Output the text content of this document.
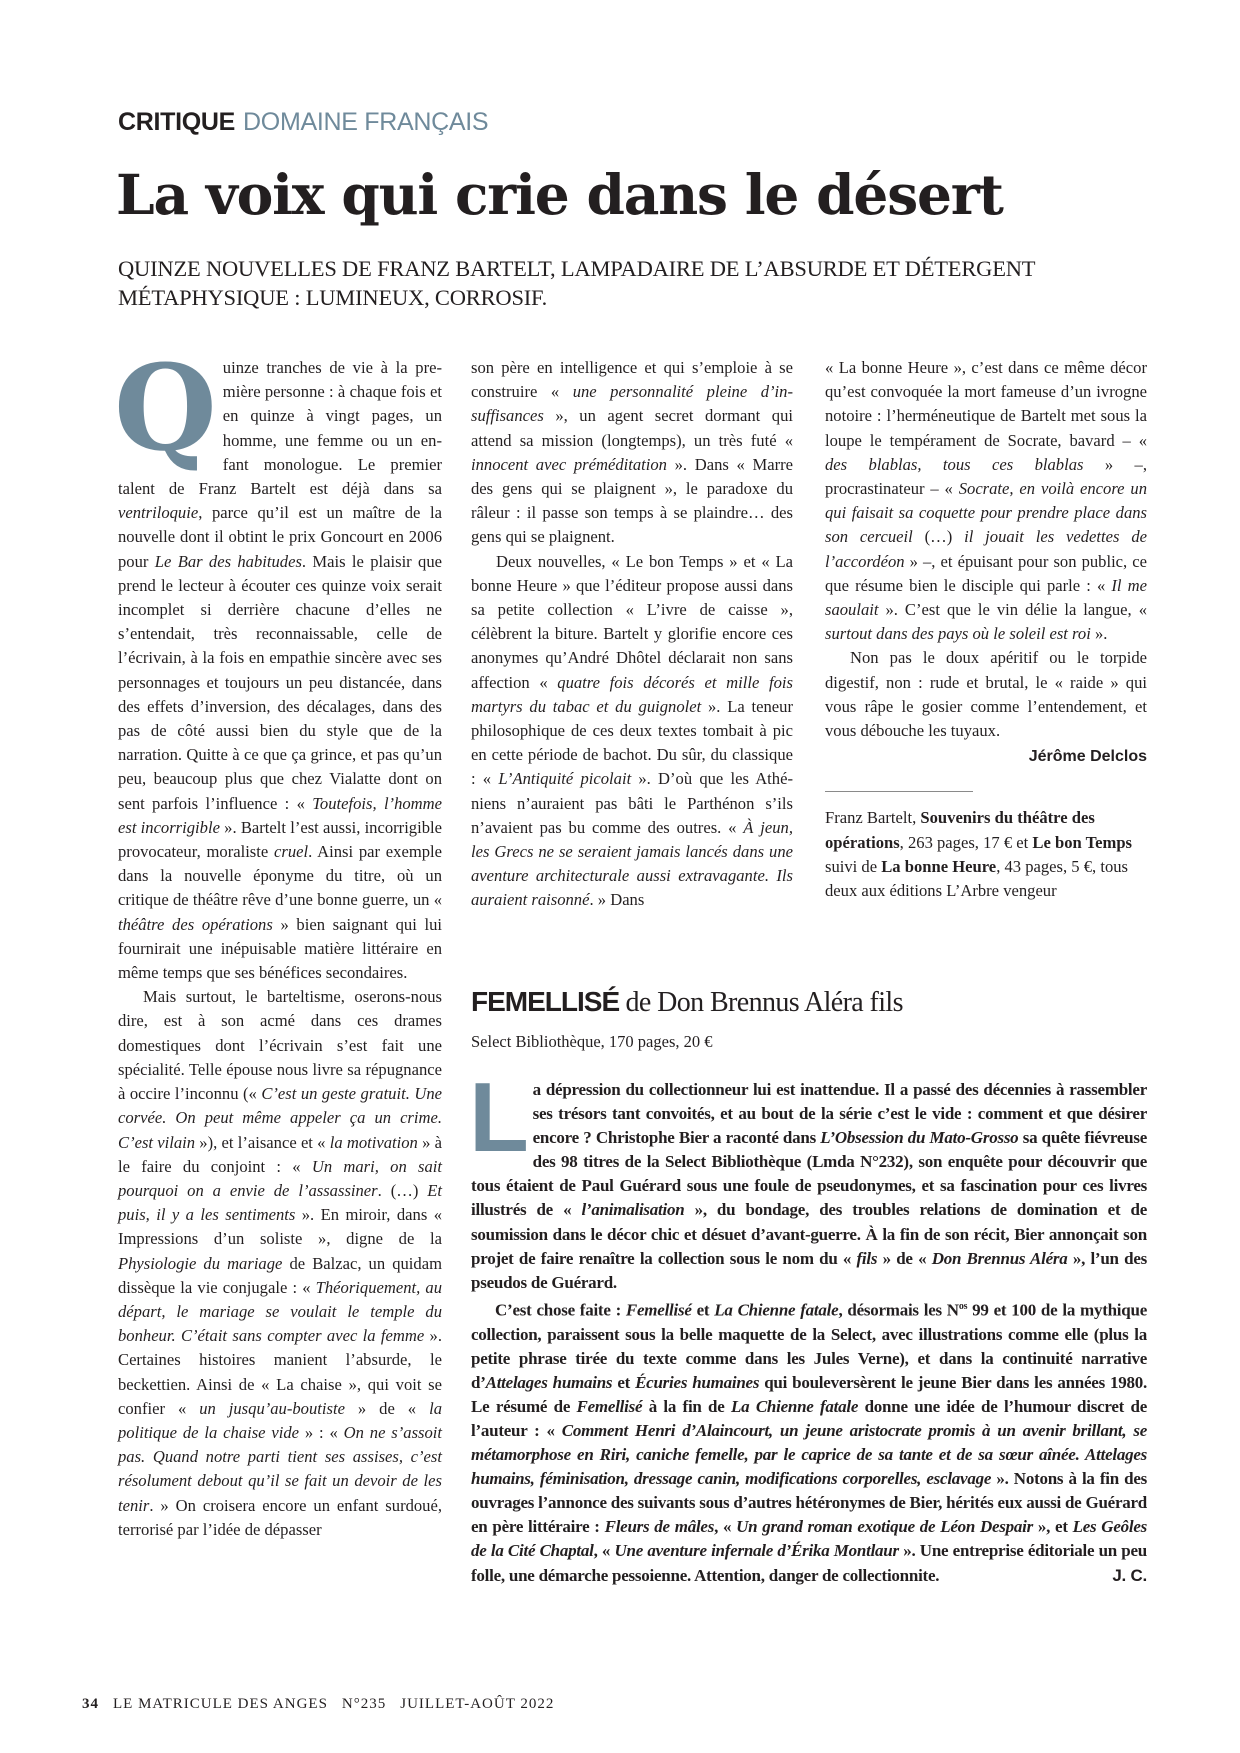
CRITIQUE DOMAINE FRANÇAIS
La voix qui crie dans le désert
QUINZE NOUVELLES DE FRANZ BARTELT, LAMPADAIRE DE L’ABSURDE ET DÉTERGENT MÉTAPHYSIQUE : LUMINEUX, CORROSIF.

Quinze tranches de vie à la première personne : à chaque fois et en quinze à vingt pages, un homme, une femme ou un enfant monologue. Le premier talent de Franz Bartelt est déjà dans sa ventriloquie, parce qu’il est un maître de la nouvelle dont il obtint le prix Goncourt en 2006 pour Le Bar des habitudes. Mais le plaisir que prend le lecteur à écouter ces quinze voix serait incomplet si derrière chacune d’elles ne s’entendait, très reconnaissable, celle de l’écrivain, à la fois en empathie sincère avec ses personnages et toujours un peu distancée, dans des effets d’inversion, des décalages, dans des pas de côté aussi bien du style que de la narration. Quitte à ce que ça grince, et pas qu’un peu, beaucoup plus que chez Vialatte dont on sent parfois l’influence : « Toutefois, l’homme est incorrigible ». Bartelt l’est aussi, incorrigible provocateur, moraliste cruel. Ainsi par exemple dans la nouvelle éponyme du titre, où un critique de théâtre rêve d’une bonne guerre, un « théâtre des opérations » bien saignant qui lui fournirait une inépuisable matière littéraire en même temps que ses bénéfices secondaires.

Mais surtout, le barteltisme, oserons-nous dire, est à son acmé dans ces drames domestiques dont l’écrivain s’est fait une spécialité. Telle épouse nous livre sa répugnance à occire l’inconnu (« C’est un geste gratuit. Une corvée. On peut même appeler ça un crime. C’est vilain »), et l’aisance et « la motivation » à le faire du conjoint : « Un mari, on sait pourquoi on a envie de l’assassiner. (…) Et puis, il y a les sentiments ». En miroir, dans « Impressions d’un soliste », digne de la Physiologie du mariage de Balzac, un quidam dissèque la vie conjugale : « Théoriquement, au départ, le mariage se voulait le temple du bonheur. C’était sans compter avec la femme ». Certaines histoires manient l’absurde, le beckettien. Ainsi de « La chaise », qui voit se confier « un jusqu’au-boutiste » de « la politique de la chaise vide » : « On ne s’assoit pas. Quand notre parti tient ses assises, c’est résolument debout qu’il se fait un devoir de les tenir. » On croisera encore un enfant surdoué, terrorisé par l’idée de dépasser

son père en intelligence et qui s’emploie à se construire « une personnalité pleine d’insuffisances », un agent secret dormant qui attend sa mission (longtemps), un très futé « innocent avec préméditation ». Dans « Marre des gens qui se plaignent », le paradoxe du râleur : il passe son temps à se plaindre… des gens qui se plaignent.

Deux nouvelles, « Le bon Temps » et « La bonne Heure » que l’éditeur propose aussi dans sa petite collection « L’ivre de caisse », célèbrent la biture. Bartelt y glorifie encore ces anonymes qu’André Dhôtel déclarait non sans affection « quatre fois décorés et mille fois martyrs du tabac et du guignolet ». La teneur philosophique de ces deux textes tombait à pic en cette période de bachot. Du sûr, du classique : « L’Antiquité picolait ». D’où que les Athéniens n’auraient pas bâti le Parthénon s’ils n’avaient pas bu comme des outres. « À jeun, les Grecs ne se seraient jamais lancés dans une aventure architecturale aussi extravagante. Ils auraient raisonné. » Dans

« La bonne Heure », c’est dans ce même décor qu’est convoquée la mort fameuse d’un ivrogne notoire : l’herméneutique de Bartelt met sous la loupe le tempérament de Socrate, bavard – « des blablas, tous ces blablas » –, procrastinateur – « Socrate, en voilà encore un qui faisait sa coquette pour prendre place dans son cercueil (…) il jouait les vedettes de l’accordéon » –, et épuisant pour son public, ce que résume bien le disciple qui parle : « Il me saoulait ». C’est que le vin délie la langue, « surtout dans des pays où le soleil est roi ».

Non pas le doux apéritif ou le torpide digestif, non : rude et brutal, le « raide » qui vous râpe le gosier comme l’entendement, et vous débouche les tuyaux.

Jérôme Delclos

Franz Bartelt, Souvenirs du théâtre des opérations, 263 pages, 17 € et Le bon Temps suivi de La bonne Heure, 43 pages, 5 €, tous deux aux éditions L’Arbre vengeur

FEMELLISÉ de Don Brennus Aléra fils
Select Bibliothèque, 170 pages, 20 €

La dépression du collectionneur lui est inattendue. Il a passé des décennies à rassembler ses trésors tant convoités, et au bout de la série c’est le vide : comment et que désirer encore ? Christophe Bier a raconté dans L’Obsession du Mato-Grosso sa quête fiévreuse des 98 titres de la Select Bibliothèque (Lmda N°232), son enquête pour découvrir que tous étaient de Paul Guérard sous une foule de pseudonymes, et sa fascination pour ces livres illustrés de « l’animalisation », du bondage, des troubles relations de domination et de soumission dans le décor chic et désuet d’avant-guerre. À la fin de son récit, Bier annonçait son projet de faire renaître la collection sous le nom du « fils » de « Don Brennus Aléra », l’un des pseudos de Guérard.

C’est chose faite : Femellisé et La Chienne fatale, désormais les $N^{os}$ 99 et 100 de la mythique collection, paraissent sous la belle maquette de la Select, avec illustrations comme elle (plus la petite phrase tirée du texte comme dans les Jules Verne), et dans la continuité narrative d’Attelages humains et Écuries humaines qui bouleversèrent le jeune Bier dans les années 1980. Le résumé de Femellisé à la fin de La Chienne fatale donne une idée de l’humour discret de l’auteur : « Comment Henri d’Alaincourt, un jeune aristocrate promis à un avenir brillant, se métamorphose en Riri, caniche femelle, par le caprice de sa tante et de sa sœur aînée. Attelages humains, féminisation, dressage canin, modifications corporelles, esclavage ». Notons à la fin des ouvrages l’annonce des suivants sous d’autres hétéronymes de Bier, hérités eux aussi de Guérard en père littéraire : Fleurs de mâles, « Un grand roman exotique de Léon Despair », et Les Geôles de la Cité Chaptal, « Une aventure infernale d’Érika Montlaur ». Une entreprise éditoriale un peu folle, une démarche pessoienne. Attention, danger de collectionnite.	J. C.

34 LE MATRICULE DES ANGES N°235 JUILLET-AOÛT 2022
